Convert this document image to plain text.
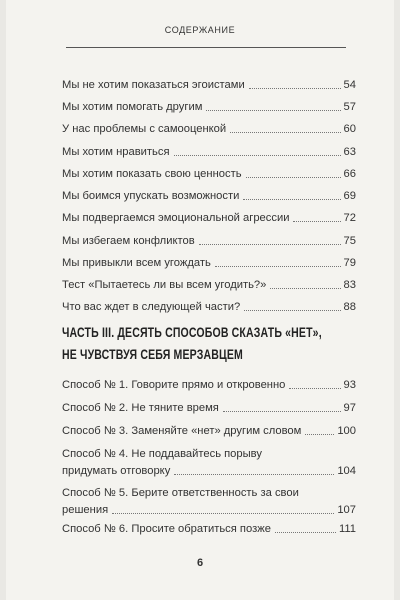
СОДЕРЖАНИЕ
Мы не хотим показаться эгоистами	54
Мы хотим помогать другим	57
У нас проблемы с самооценкой	60
Мы хотим нравиться	63
Мы хотим показать свою ценность	66
Мы боимся упускать возможности	69
Мы подвергаемся эмоциональной агрессии	72
Мы избегаем конфликтов	75
Мы привыкли всем угождать	79
Тест «Пытаетесь ли вы всем угодить?»	83
Что вас ждет в следующей части?	88
ЧАСТЬ III. ДЕСЯТЬ СПОСОБОВ СКАЗАТЬ «НЕТ»,
НЕ ЧУВСТВУЯ СЕБЯ МЕРЗАВЦЕМ
Способ № 1. Говорите прямо и откровенно	93
Способ № 2. Не тяните время	97
Способ № 3. Заменяйте «нет» другим словом	100
Способ № 4. Не поддавайтесь порыву
придумать отговорку	104
Способ № 5. Берите ответственность за свои
решения	107
Способ № 6. Просите обратиться позже	111
6
